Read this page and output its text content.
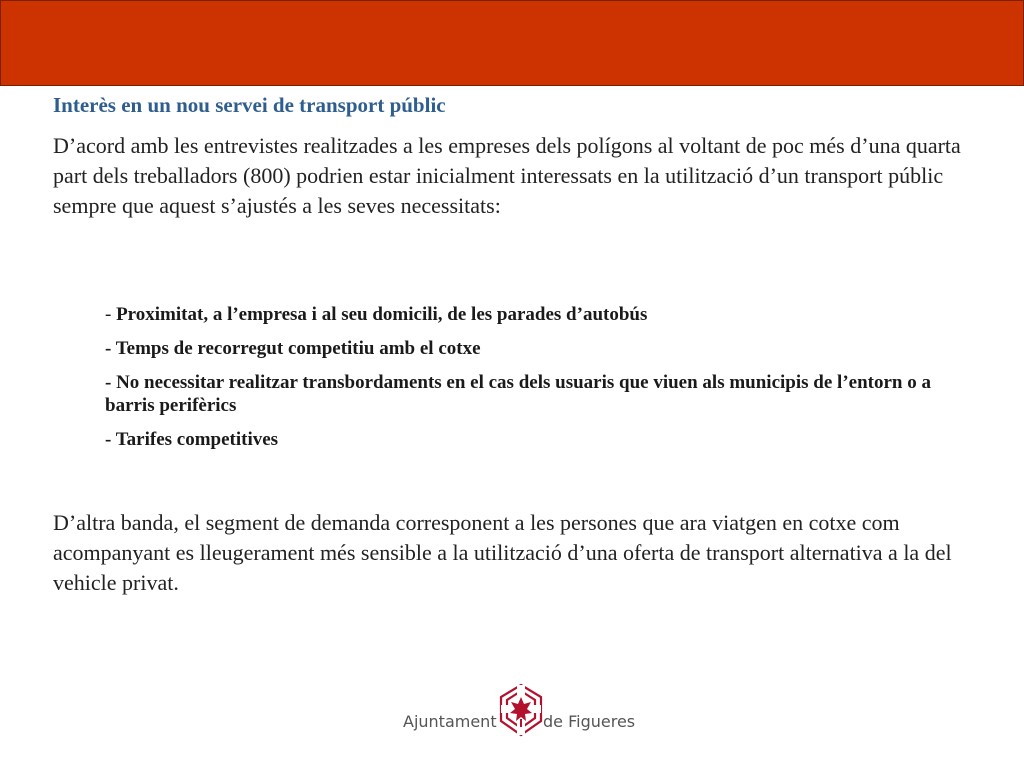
Interès en un nou servei de transport públic

D’acord amb les entrevistes realitzades a les empreses dels polígons al voltant de poc més d’una quarta part dels treballadors (800) podrien estar inicialment interessats en la utilització d’un transport públic sempre que aquest s’ajustés a les seves necessitats:

- Proximitat, a l’empresa i al seu domicili, de les parades d’autobús
- Temps de recorregut competitiu amb el cotxe
- No necessitar realitzar transbordaments en el cas dels usuaris que viuen als municipis de l’entorn o a barris perifèrics
- Tarifes competitives

D’altra banda, el segment de demanda corresponent a les persones que ara viatgen en cotxe com acompanyant es lleugerament més sensible a la utilització d’una oferta de transport alternativa a la del vehicle privat.

Ajuntament	de Figueres
